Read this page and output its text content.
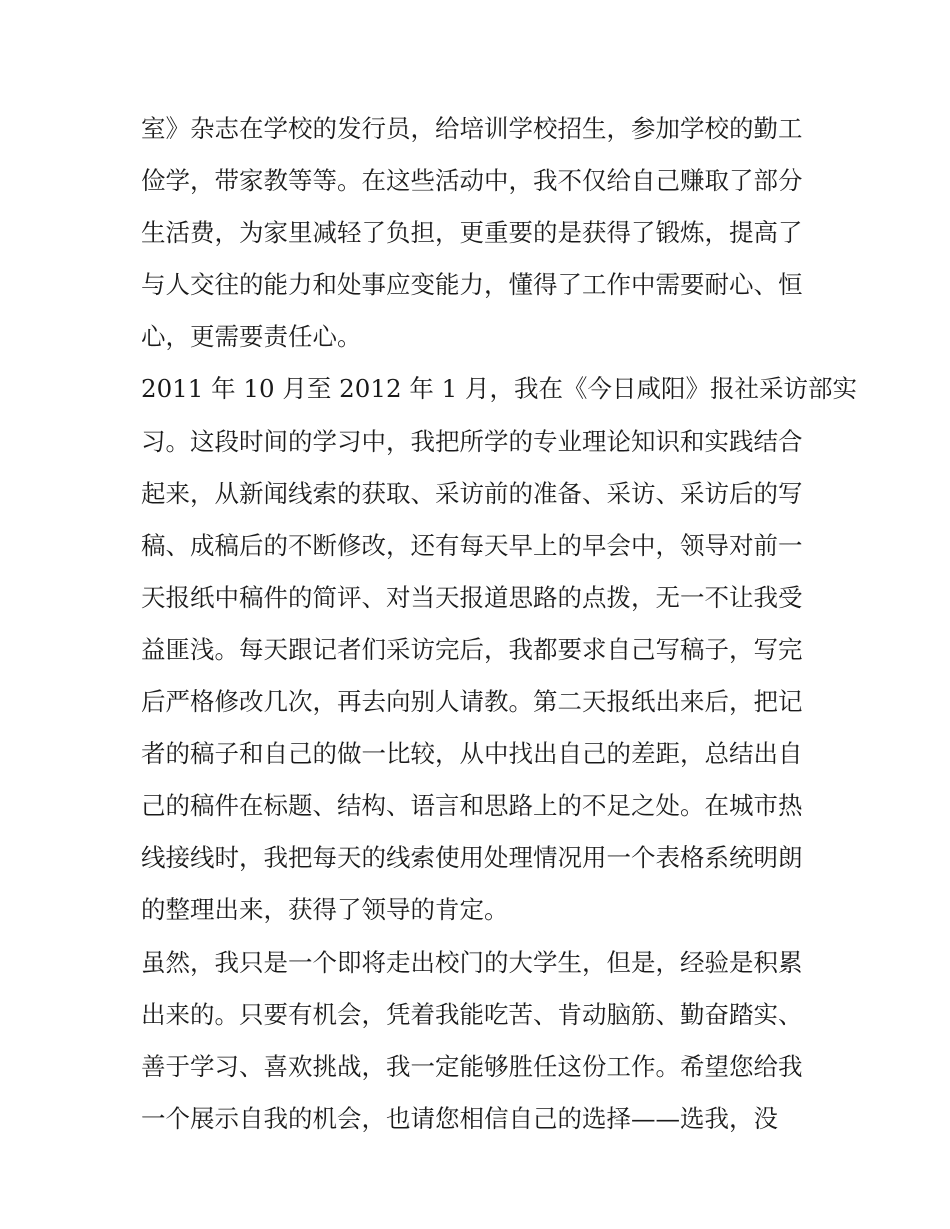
室》杂志在学校的发行员，给培训学校招生，参加学校的勤工
俭学，带家教等等。在这些活动中，我不仅给自己赚取了部分
生活费，为家里减轻了负担，更重要的是获得了锻炼，提高了
与人交往的能力和处事应变能力，懂得了工作中需要耐心、恒
心，更需要责任心。
2011 年 10 月至 2012 年 1 月，我在《今日咸阳》报社采访部实
习。这段时间的学习中，我把所学的专业理论知识和实践结合
起来，从新闻线索的获取、采访前的准备、采访、采访后的写
稿、成稿后的不断修改，还有每天早上的早会中，领导对前一
天报纸中稿件的简评、对当天报道思路的点拨，无一不让我受
益匪浅。每天跟记者们采访完后，我都要求自己写稿子，写完
后严格修改几次，再去向别人请教。第二天报纸出来后，把记
者的稿子和自己的做一比较，从中找出自己的差距，总结出自
己的稿件在标题、结构、语言和思路上的不足之处。在城市热
线接线时，我把每天的线索使用处理情况用一个表格系统明朗
的整理出来，获得了领导的肯定。
虽然，我只是一个即将走出校门的大学生，但是，经验是积累
出来的。只要有机会，凭着我能吃苦、肯动脑筋、勤奋踏实、
善于学习、喜欢挑战，我一定能够胜任这份工作。希望您给我
一个展示自我的机会，也请您相信自己的选择——选我，没
